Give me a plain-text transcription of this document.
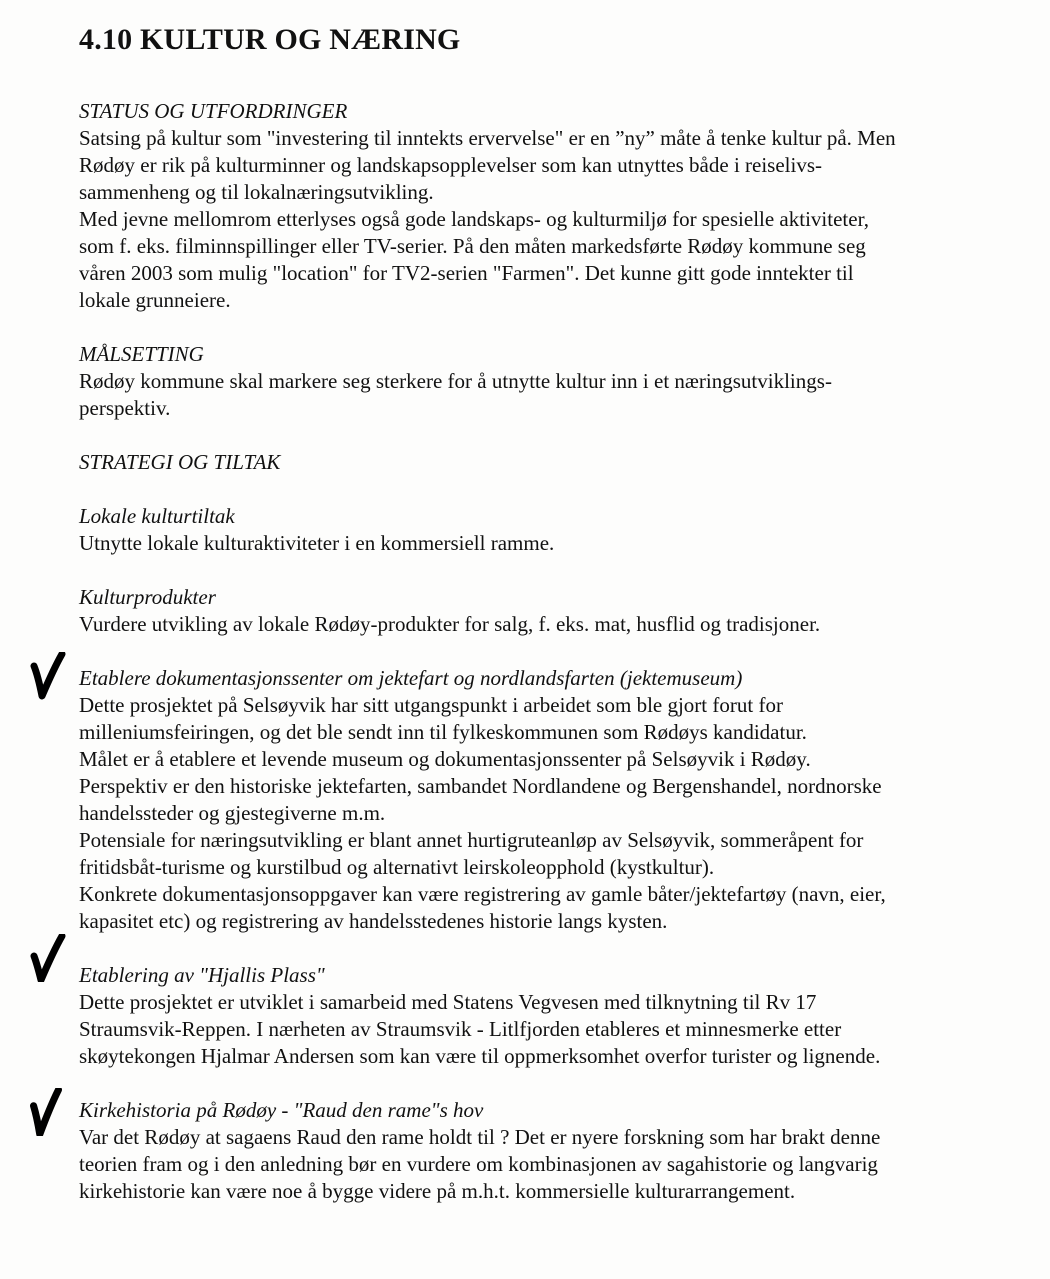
4.10 KULTUR OG NÆRING

STATUS OG UTFORDRINGER

Satsing på kultur som "investering til inntekts ervervelse" er en ”ny” måte å tenke kultur på. Men
Rødøy er rik på kulturminner og landskapsopplevelser som kan utnyttes både i reiselivs-
sammenheng og til lokalnæringsutvikling.
Med jevne mellomrom etterlyses også gode landskaps- og kulturmiljø for spesielle aktiviteter,
som f. eks. filminnspillinger eller TV-serier. På den måten markedsførte Rødøy kommune seg
våren 2003 som mulig "location" for TV2-serien "Farmen". Det kunne gitt gode inntekter til
lokale grunneiere.

MÅLSETTING

Rødøy kommune skal markere seg sterkere for å utnytte kultur inn i et næringsutviklings-
perspektiv.

STRATEGI OG TILTAK

Lokale kulturtiltak

Utnytte lokale kulturaktiviteter i en kommersiell ramme.

Kulturprodukter

Vurdere utvikling av lokale Rødøy-produkter for salg, f. eks. mat, husflid og tradisjoner.

Etablere dokumentasjonssenter om jektefart og nordlandsfarten (jektemuseum)

Dette prosjektet på Selsøyvik har sitt utgangspunkt i arbeidet som ble gjort forut for
milleniumsfeiringen, og det ble sendt inn til fylkeskommunen som Rødøys kandidatur.
Målet er å etablere et levende museum og dokumentasjonssenter på Selsøyvik i Rødøy.
Perspektiv er den historiske jektefarten, sambandet Nordlandene og Bergenshandel, nordnorske
handelssteder og gjestegiverne m.m.
Potensiale for næringsutvikling er blant annet hurtigruteanløp av Selsøyvik, sommeråpent for
fritidsbåt-turisme og kurstilbud og alternativt leirskoleopphold (kystkultur).
Konkrete dokumentasjonsoppgaver kan være registrering av gamle båter/jektefartøy (navn, eier,
kapasitet etc) og registrering av handelsstedenes historie langs kysten.

Etablering av "Hjallis Plass"

Dette prosjektet er utviklet i samarbeid med Statens Vegvesen med tilknytning til Rv 17
Straumsvik-Reppen. I nærheten av Straumsvik - Litlfjorden etableres et minnesmerke etter
skøytekongen Hjalmar Andersen som kan være til oppmerksomhet overfor turister og lignende.

Kirkehistoria på Rødøy - "Raud den rame"s hov

Var det Rødøy at sagaens Raud den rame holdt til ? Det er nyere forskning som har brakt denne
teorien fram og i den anledning bør en vurdere om kombinasjonen av sagahistorie og langvarig
kirkehistorie kan være noe å bygge videre på m.h.t. kommersielle kulturarrangement.
